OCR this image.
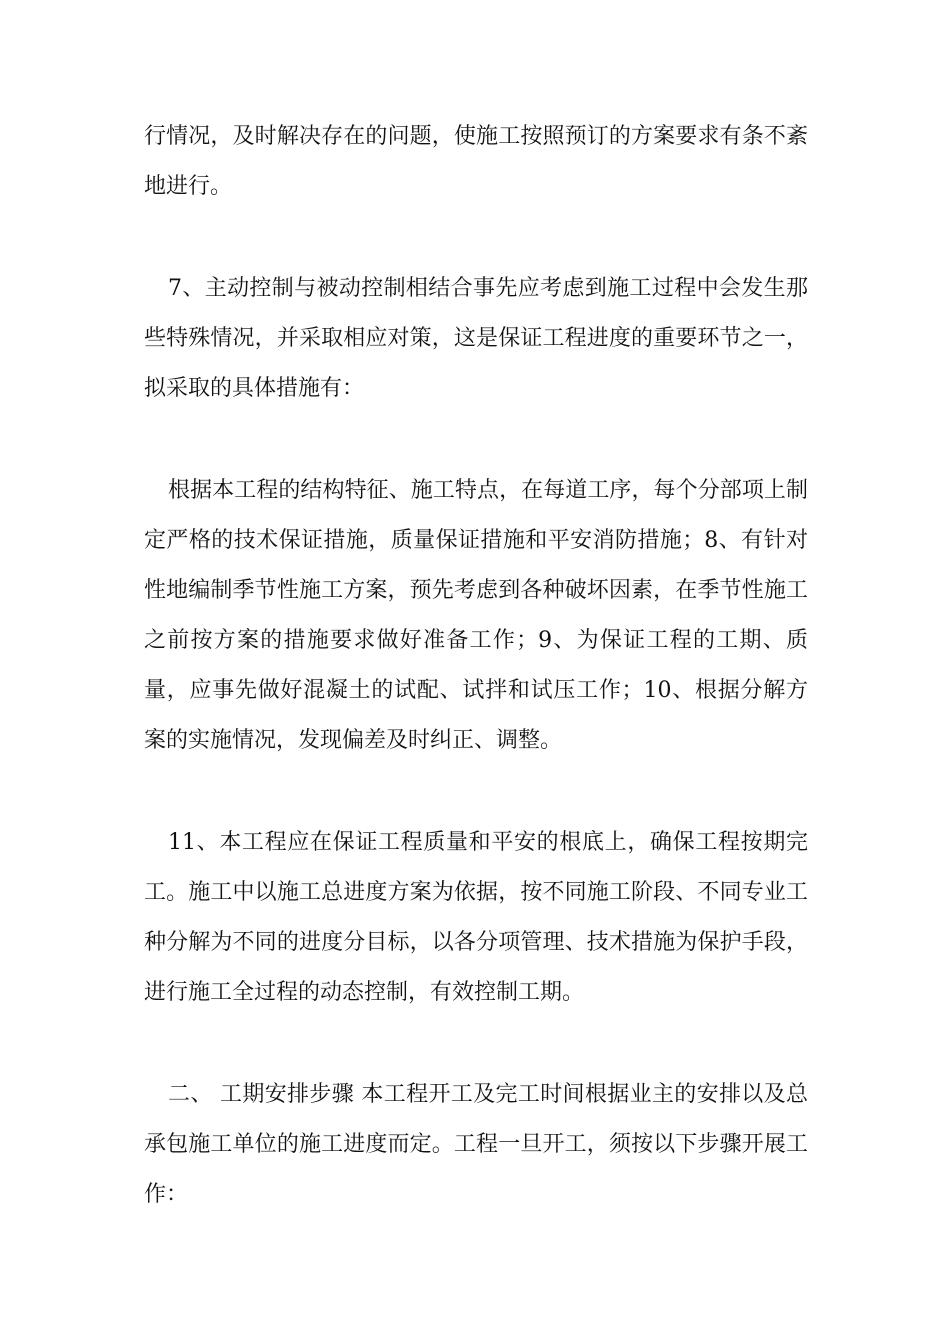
行情况，及时解决存在的问题，使施工按照预订的方案要求有条不紊地进行。

7、主动控制与被动控制相结合事先应考虑到施工过程中会发生那些特殊情况，并采取相应对策，这是保证工程进度的重要环节之一，拟采取的具体措施有：

根据本工程的结构特征、施工特点，在每道工序，每个分部项上制定严格的技术保证措施，质量保证措施和平安消防措施；8、有针对性地编制季节性施工方案，预先考虑到各种破坏因素，在季节性施工之前按方案的措施要求做好准备工作；9、为保证工程的工期、质量，应事先做好混凝土的试配、试拌和试压工作；10、根据分解方案的实施情况，发现偏差及时纠正、调整。

11、本工程应在保证工程质量和平安的根底上，确保工程按期完工。施工中以施工总进度方案为依据，按不同施工阶段、不同专业工种分解为不同的进度分目标，以各分项管理、技术措施为保护手段，进行施工全过程的动态控制，有效控制工期。

二、 工期安排步骤 本工程开工及完工时间根据业主的安排以及总承包施工单位的施工进度而定。工程一旦开工，须按以下步骤开展工作：
